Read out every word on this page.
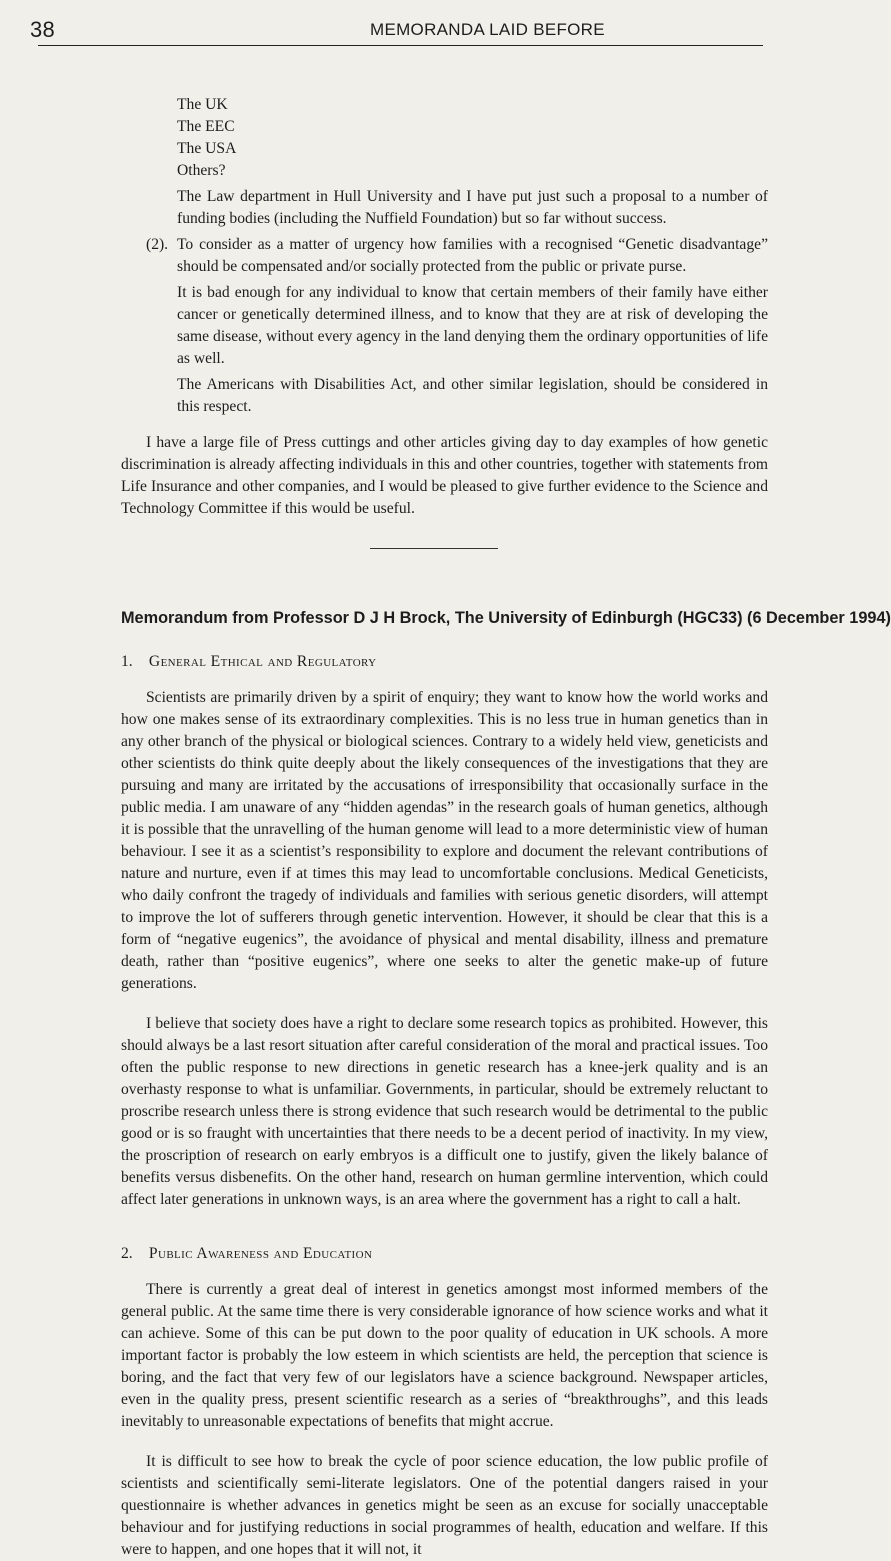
38	MEMORANDA LAID BEFORE
The UK
The EEC
The USA
Others?

The Law department in Hull University and I have put just such a proposal to a number of funding bodies (including the Nuffield Foundation) but so far without success.

(2). To consider as a matter of urgency how families with a recognised “Genetic disadvantage” should be compensated and/or socially protected from the public or private purse.

It is bad enough for any individual to know that certain members of their family have either cancer or genetically determined illness, and to know that they are at risk of developing the same disease, without every agency in the land denying them the ordinary opportunities of life as well.

The Americans with Disabilities Act, and other similar legislation, should be considered in this respect.

I have a large file of Press cuttings and other articles giving day to day examples of how genetic discrimination is already affecting individuals in this and other countries, together with statements from Life Insurance and other companies, and I would be pleased to give further evidence to the Science and Technology Committee if this would be useful.

Memorandum from Professor D J H Brock, The University of Edinburgh (HGC33) (6 December 1994)
1. General Ethical and Regulatory

Scientists are primarily driven by a spirit of enquiry; they want to know how the world works and how one makes sense of its extraordinary complexities. This is no less true in human genetics than in any other branch of the physical or biological sciences. Contrary to a widely held view, geneticists and other scientists do think quite deeply about the likely consequences of the investigations that they are pursuing and many are irritated by the accusations of irresponsibility that occasionally surface in the public media. I am unaware of any “hidden agendas” in the research goals of human genetics, although it is possible that the unravelling of the human genome will lead to a more deterministic view of human behaviour. I see it as a scientist’s responsibility to explore and document the relevant contributions of nature and nurture, even if at times this may lead to uncomfortable conclusions. Medical Geneticists, who daily confront the tragedy of individuals and families with serious genetic disorders, will attempt to improve the lot of sufferers through genetic intervention. However, it should be clear that this is a form of “negative eugenics”, the avoidance of physical and mental disability, illness and premature death, rather than “positive eugenics”, where one seeks to alter the genetic make-up of future generations.

I believe that society does have a right to declare some research topics as prohibited. However, this should always be a last resort situation after careful consideration of the moral and practical issues. Too often the public response to new directions in genetic research has a knee-jerk quality and is an overhasty response to what is unfamiliar. Governments, in particular, should be extremely reluctant to proscribe research unless there is strong evidence that such research would be detrimental to the public good or is so fraught with uncertainties that there needs to be a decent period of inactivity. In my view, the proscription of research on early embryos is a difficult one to justify, given the likely balance of benefits versus disbenefits. On the other hand, research on human germline intervention, which could affect later generations in unknown ways, is an area where the government has a right to call a halt.

2. Public Awareness and Education

There is currently a great deal of interest in genetics amongst most informed members of the general public. At the same time there is very considerable ignorance of how science works and what it can achieve. Some of this can be put down to the poor quality of education in UK schools. A more important factor is probably the low esteem in which scientists are held, the perception that science is boring, and the fact that very few of our legislators have a science background. Newspaper articles, even in the quality press, present scientific research as a series of “breakthroughs”, and this leads inevitably to unreasonable expectations of benefits that might accrue.

It is difficult to see how to break the cycle of poor science education, the low public profile of scientists and scientifically semi-literate legislators. One of the potential dangers raised in your questionnaire is whether advances in genetics might be seen as an excuse for socially unacceptable behaviour and for justifying reductions in social programmes of health, education and welfare. If this were to happen, and one hopes that it will not, it
